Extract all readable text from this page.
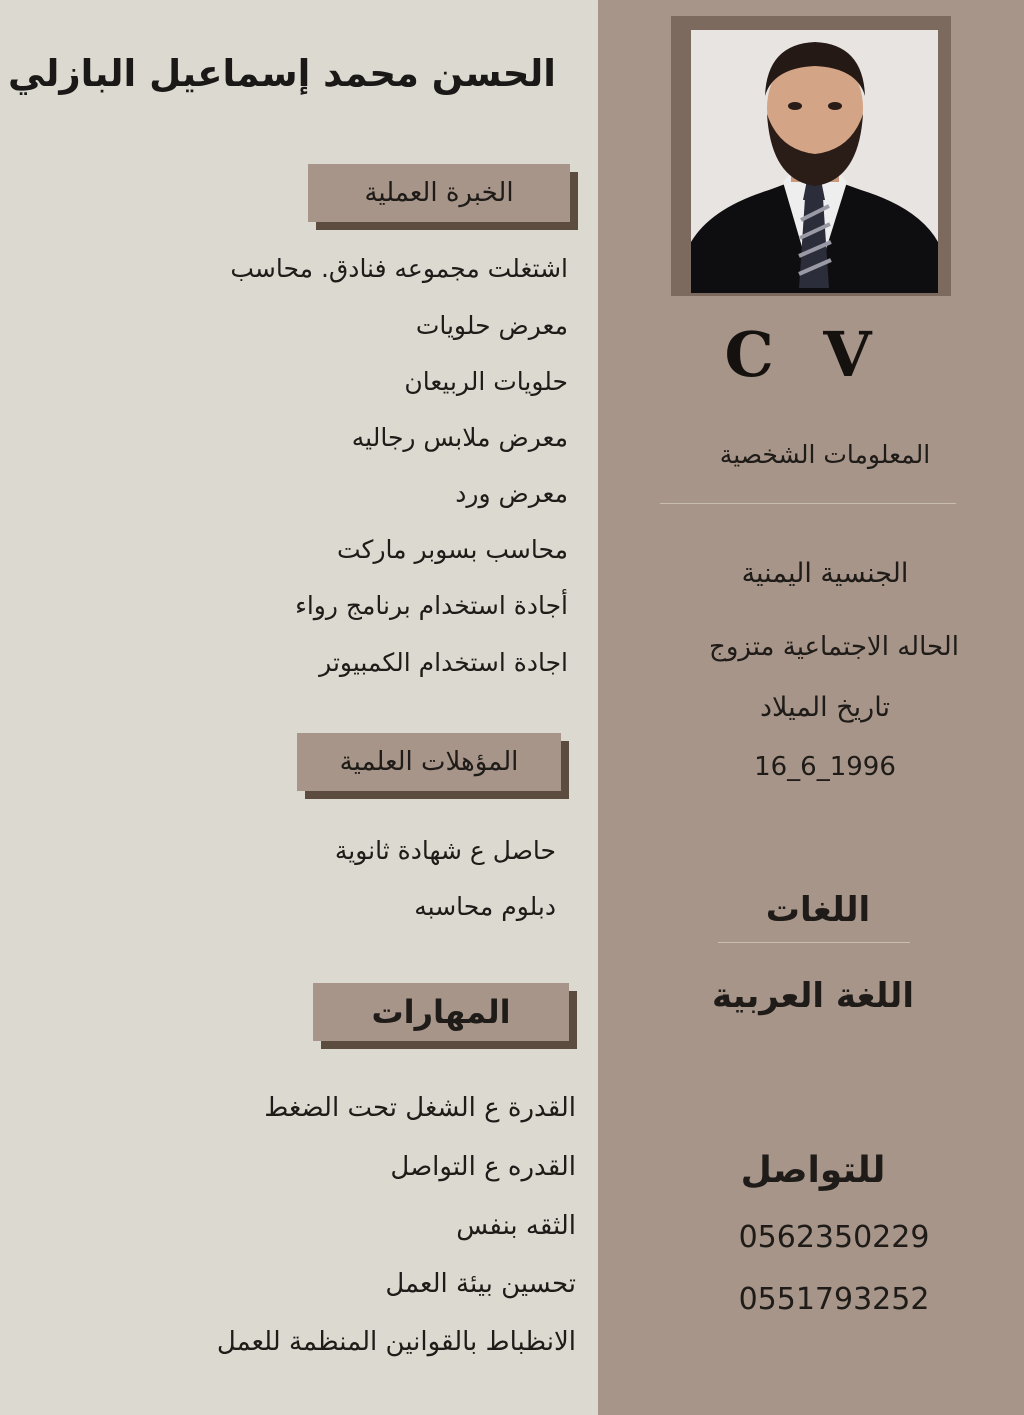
C V
المعلومات الشخصية
الجنسية اليمنية
الحاله الاجتماعية متزوج
تاريخ الميلاد
16_6_1996
اللغات
اللغة العربية
للتواصل
0562350229
0551793252
الحسن محمد إسماعيل البازلي
الخبرة العملية
اشتغلت مجموعه فنادق. محاسب
معرض حلويات
حلويات الربيعان
معرض ملابس رجاليه
معرض ورد
محاسب بسوبر ماركت
أجادة استخدام برنامج رواء
اجادة استخدام الكمبيوتر
المؤهلات العلمية
حاصل ع شهادة ثانوية
دبلوم محاسبه
المهارات
القدرة ع الشغل تحت الضغط
القدره ع التواصل
الثقه بنفس
تحسين بيئة العمل
الانظباط بالقوانين المنظمة للعمل
